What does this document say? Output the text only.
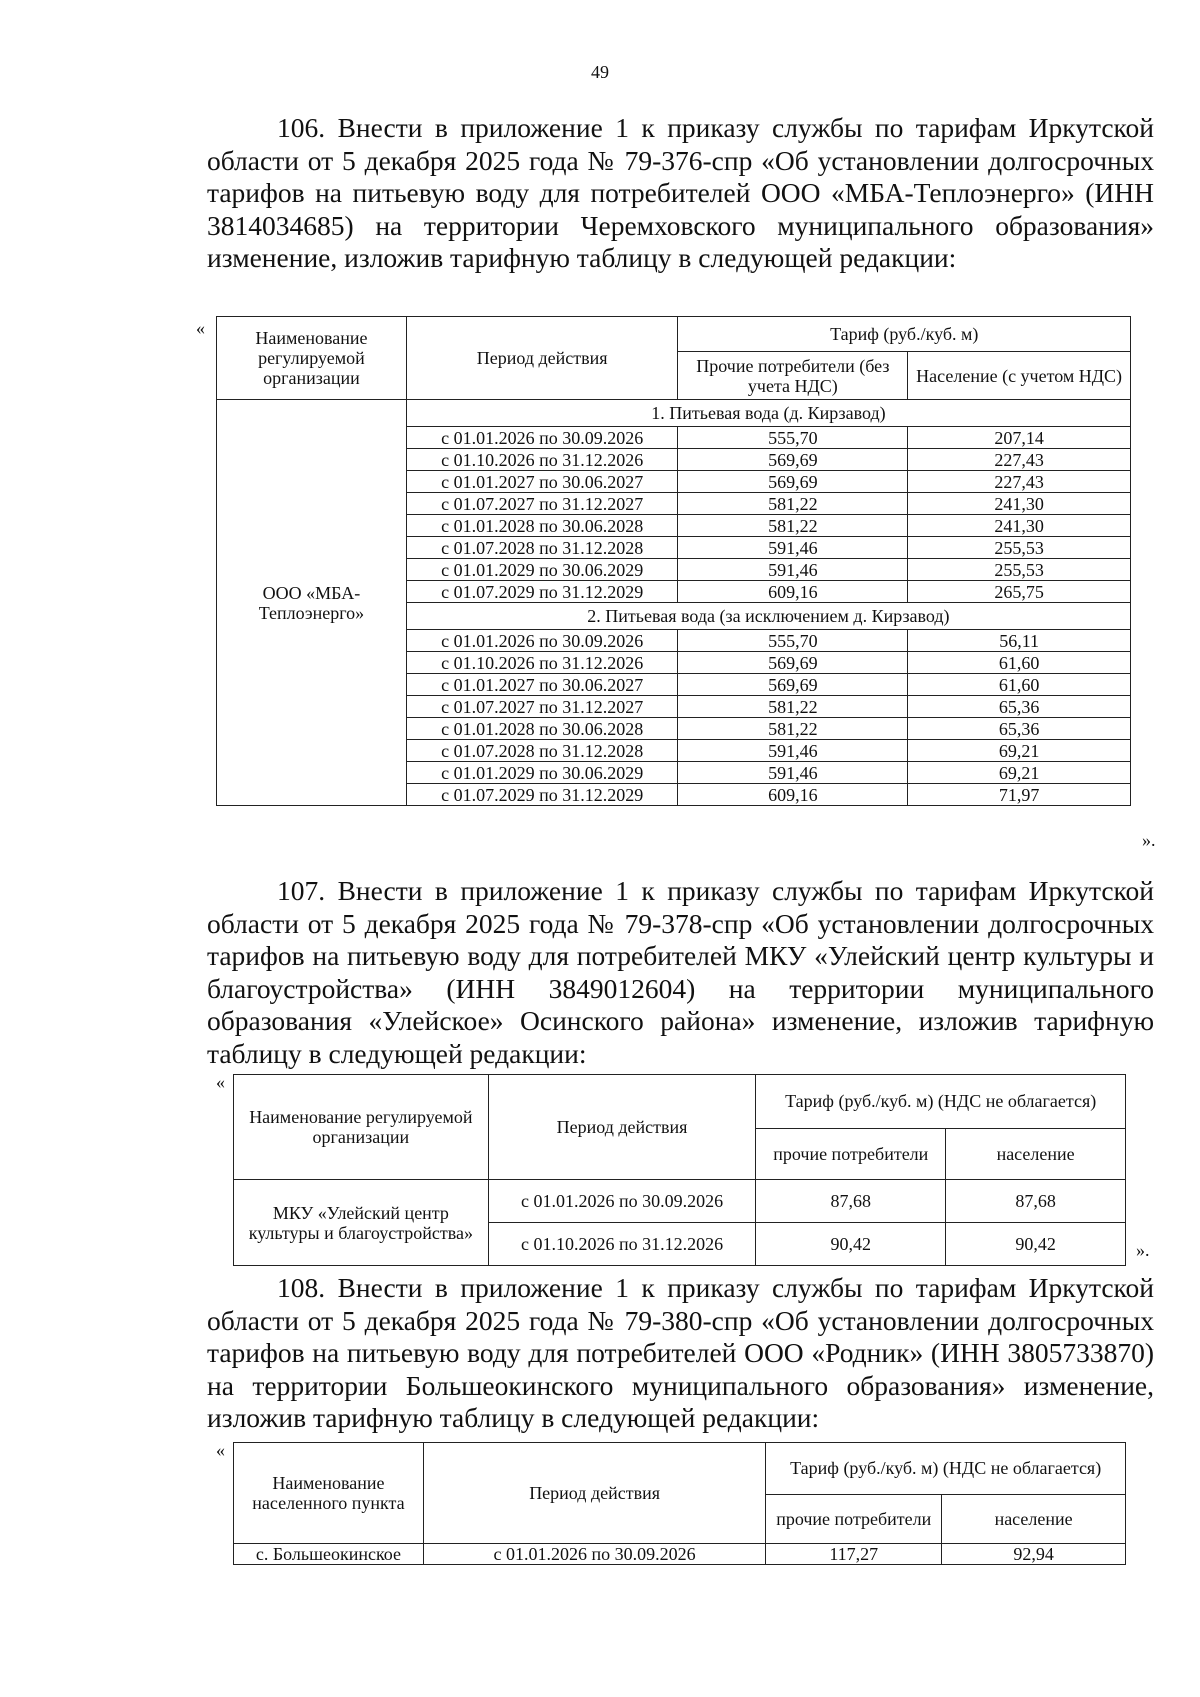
49

106. Внести в приложение 1 к приказу службы по тарифам Иркутской области от 5 декабря 2025 года № 79-376-спр «Об установлении долгосрочных тарифов на питьевую воду для потребителей ООО «МБА-Теплоэнерго» (ИНН 3814034685) на территории Черемховского муниципального образования» изменение, изложив тарифную таблицу в следующей редакции:

«	Наименование регулируемой организации	Период действия	Тариф (руб./куб. м)	
		Прочие потребители (без учета НДС)	Население (с учетом НДС)
ООО «МБА-Теплоэнерго»	1. Питьевая вода (д. Кирзавод)		
	с 01.01.2026 по 30.09.2026	555,70	207,14
	с 01.10.2026 по 31.12.2026	569,69	227,43
	с 01.01.2027 по 30.06.2027	569,69	227,43
	с 01.07.2027 по 31.12.2027	581,22	241,30
	с 01.01.2028 по 30.06.2028	581,22	241,30
	с 01.07.2028 по 31.12.2028	591,46	255,53
	с 01.01.2029 по 30.06.2029	591,46	255,53
	с 01.07.2029 по 31.12.2029	609,16	265,75
	2. Питьевая вода (за исключением д. Кирзавод)		
	с 01.01.2026 по 30.09.2026	555,70	56,11
	с 01.10.2026 по 31.12.2026	569,69	61,60
	с 01.01.2027 по 30.06.2027	569,69	61,60
	с 01.07.2027 по 31.12.2027	581,22	65,36
	с 01.01.2028 по 30.06.2028	581,22	65,36
	с 01.07.2028 по 31.12.2028	591,46	69,21
	с 01.01.2029 по 30.06.2029	591,46	69,21
	с 01.07.2029 по 31.12.2029	609,16	71,97
».

107. Внести в приложение 1 к приказу службы по тарифам Иркутской области от 5 декабря 2025 года № 79-378-спр «Об установлении долгосрочных тарифов на питьевую воду для потребителей МКУ «Улейский центр культуры и благоустройства» (ИНН 3849012604) на территории муниципального образования «Улейское» Осинского района» изменение, изложив тарифную таблицу в следующей редакции:

«
Наименование регулируемой организации	Период действия	Тариф (руб./куб. м) (НДС не облагается)	
		прочие потребители	население
МКУ «Улейский центр культуры и благоустройства»	с 01.01.2026 по 30.09.2026	87,68	87,68
	с 01.10.2026 по 31.12.2026	90,42	90,42	».

108. Внести в приложение 1 к приказу службы по тарифам Иркутской области от 5 декабря 2025 года № 79-380-спр «Об установлении долгосрочных тарифов на питьевую воду для потребителей ООО «Родник» (ИНН 3805733870) на территории Большеокинского муниципального образования» изменение, изложив тарифную таблицу в следующей редакции:

«
Наименование населенного пункта	Период действия	Тариф (руб./куб. м) (НДС не облагается)	
		прочие потребители	население
с. Большеокинское	с 01.01.2026 по 30.09.2026	117,27	92,94
